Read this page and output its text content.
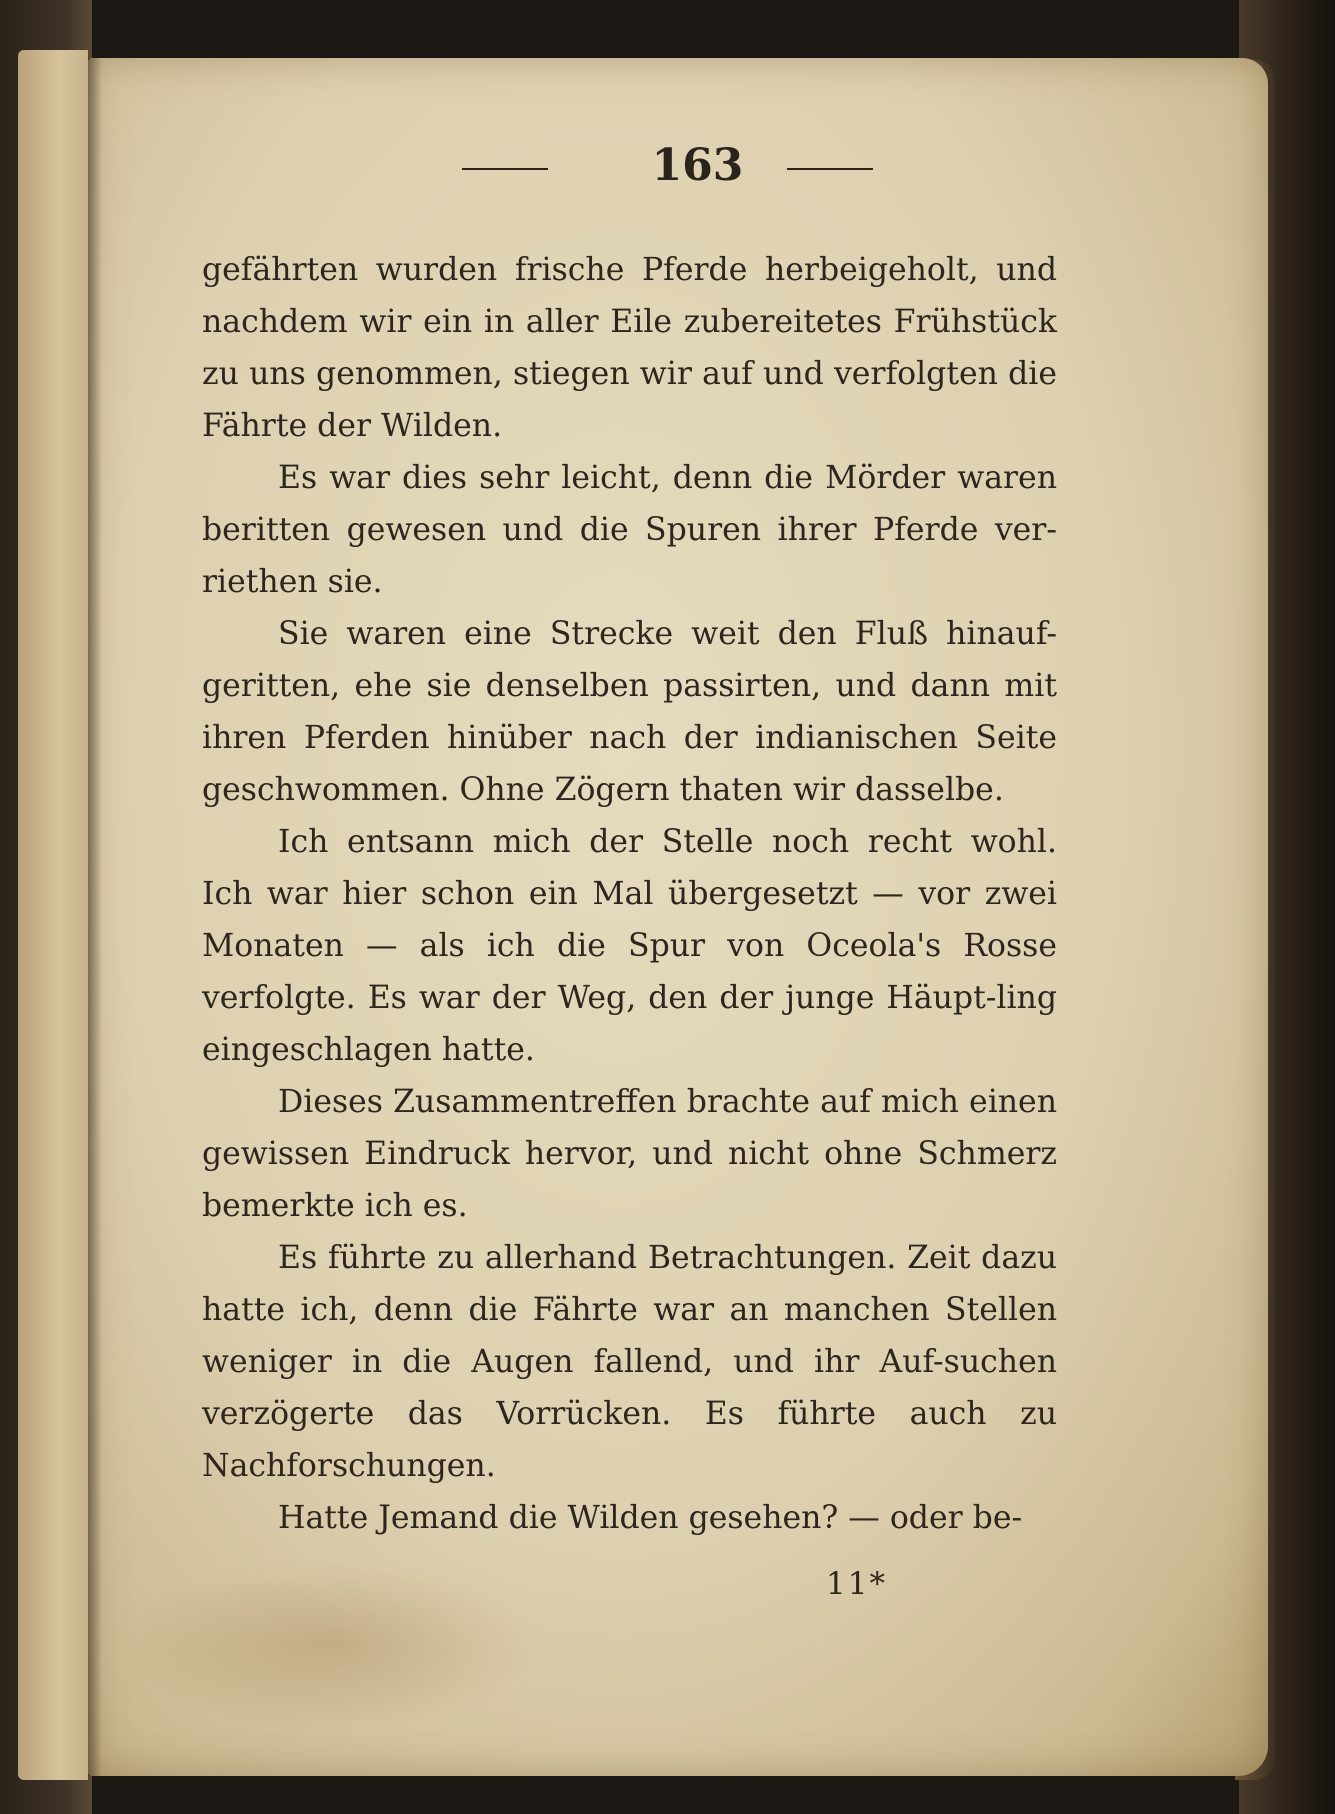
163

gefährten wurden frische Pferde herbeigeholt, und nachdem wir ein in aller Eile zubereitetes Frühstück zu uns genommen, stiegen wir auf und verfolgten die Fährte der Wilden.

Es war dies sehr leicht, denn die Mörder waren beritten gewesen und die Spuren ihrer Pferde ver-riethen sie.

Sie waren eine Strecke weit den Fluß hinauf-geritten, ehe sie denselben passirten, und dann mit ihren Pferden hinüber nach der indianischen Seite geschwommen. Ohne Zögern thaten wir dasselbe.

Ich entsann mich der Stelle noch recht wohl. Ich war hier schon ein Mal übergesetzt — vor zwei Monaten — als ich die Spur von Oceola's Rosse verfolgte. Es war der Weg, den der junge Häupt-ling eingeschlagen hatte.

Dieses Zusammentreffen brachte auf mich einen gewissen Eindruck hervor, und nicht ohne Schmerz bemerkte ich es.

Es führte zu allerhand Betrachtungen. Zeit dazu hatte ich, denn die Fährte war an manchen Stellen weniger in die Augen fallend, und ihr Auf-suchen verzögerte das Vorrücken. Es führte auch zu Nachforschungen.

Hatte Jemand die Wilden gesehen? — oder be-

11*
